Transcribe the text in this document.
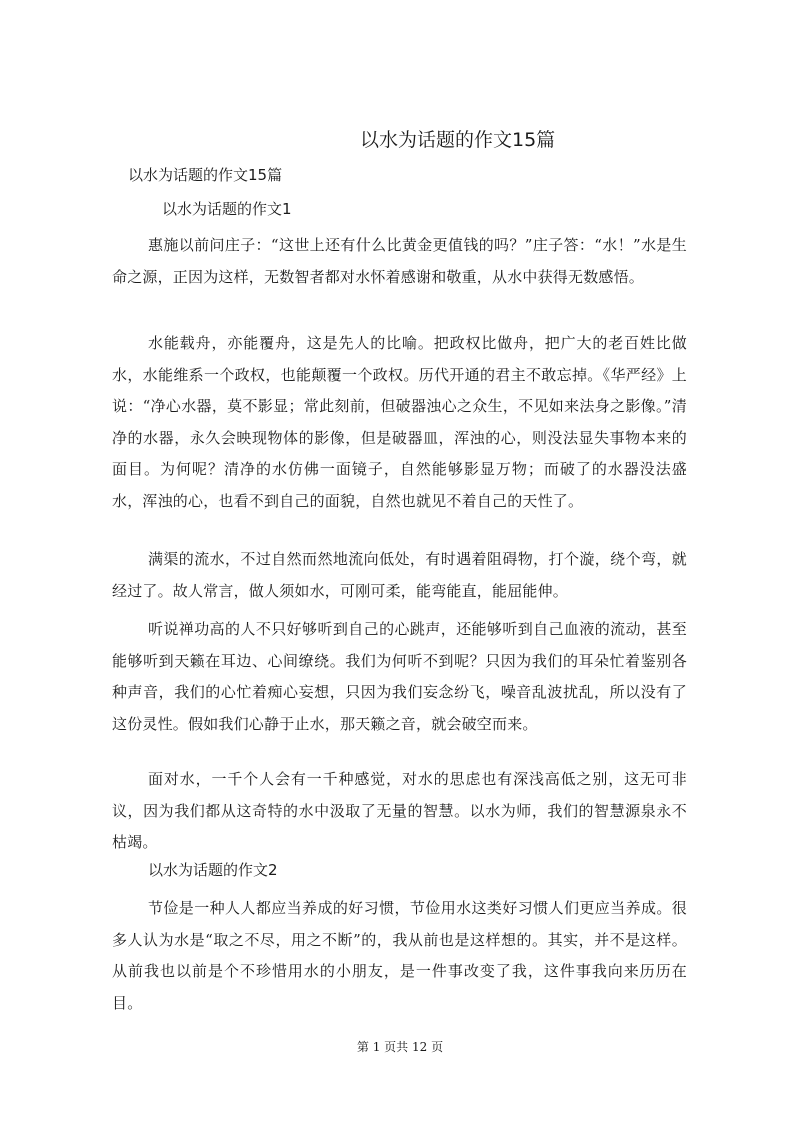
以水为话题的作文15篇
以水为话题的作文15篇
以水为话题的作文1

惠施以前问庄子：“这世上还有什么比黄金更值钱的吗？”庄子答：“水！”水是生命之源，正因为这样，无数智者都对水怀着感谢和敬重，从水中获得无数感悟。

水能载舟，亦能覆舟，这是先人的比喻。把政权比做舟，把广大的老百姓比做水，水能维系一个政权，也能颠覆一个政权。历代开通的君主不敢忘掉。《华严经》上说：“净心水器，莫不影显；常此刻前，但破器浊心之众生，不见如来法身之影像。”清净的水器，永久会映现物体的影像，但是破器皿，浑浊的心，则没法显失事物本来的面目。为何呢？清净的水仿佛一面镜子，自然能够影显万物；而破了的水器没法盛水，浑浊的心，也看不到自己的面貌，自然也就见不着自己的天性了。

满渠的流水，不过自然而然地流向低处，有时遇着阻碍物，打个漩，绕个弯，就经过了。故人常言，做人须如水，可刚可柔，能弯能直，能屈能伸。

听说禅功高的人不只好够听到自己的心跳声，还能够听到自己血液的流动，甚至能够听到天籁在耳边、心间缭绕。我们为何听不到呢？只因为我们的耳朵忙着鉴别各种声音，我们的心忙着痴心妄想，只因为我们妄念纷飞，噪音乱波扰乱，所以没有了这份灵性。假如我们心静于止水，那天籁之音，就会破空而来。

面对水，一千个人会有一千种感觉，对水的思虑也有深浅高低之别，这无可非议，因为我们都从这奇特的水中汲取了无量的智慧。以水为师，我们的智慧源泉永不枯竭。

以水为话题的作文2

节俭是一种人人都应当养成的好习惯，节俭用水这类好习惯人们更应当养成。很多人认为水是“取之不尽，用之不断”的，我从前也是这样想的。其实，并不是这样。从前我也以前是个不珍惜用水的小朋友，是一件事改变了我，这件事我向来历历在目。

第 1 页共 12 页
